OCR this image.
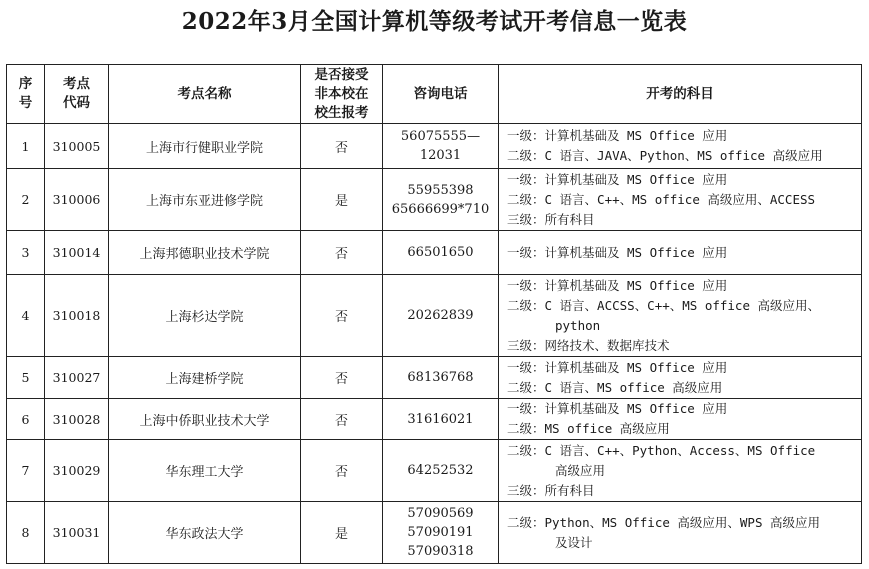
2022年3月全国计算机等级考试开考信息一览表
序号	考点代码	考点名称	是否接受非本校在校生报考	咨询电话	开考的科目

1	310005	上海市行健职业学院	否	56075555—
12031	一级：计算机基础及 MS Office 应用
二级：C 语言、JAVA、Python、MS office 高级应用

2	310006	上海市东亚进修学院	是	55955398
65666699*710	一级：计算机基础及 MS Office 应用
二级：C 语言、C++、MS office 高级应用、ACCESS
三级：所有科目

3	310014	上海邦德职业技术学院	否	66501650	一级：计算机基础及 MS Office 应用

4	310018	上海杉达学院	否	20262839	一级：计算机基础及 MS Office 应用
二级：C 语言、ACCSS、C++、MS office 高级应用、
python
三级：网络技术、数据库技术

5	310027	上海建桥学院	否	68136768	一级：计算机基础及 MS Office 应用
二级：C 语言、MS office 高级应用

6	310028	上海中侨职业技术大学	否	31616021	一级：计算机基础及 MS Office 应用
二级：MS office 高级应用

7	310029	华东理工大学	否	64252532	二级：C 语言、C++、Python、Access、MS Office
高级应用
三级：所有科目

8	310031	华东政法大学	是	57090569
57090191
57090318	二级：Python、MS Office 高级应用、WPS 高级应用
及设计
